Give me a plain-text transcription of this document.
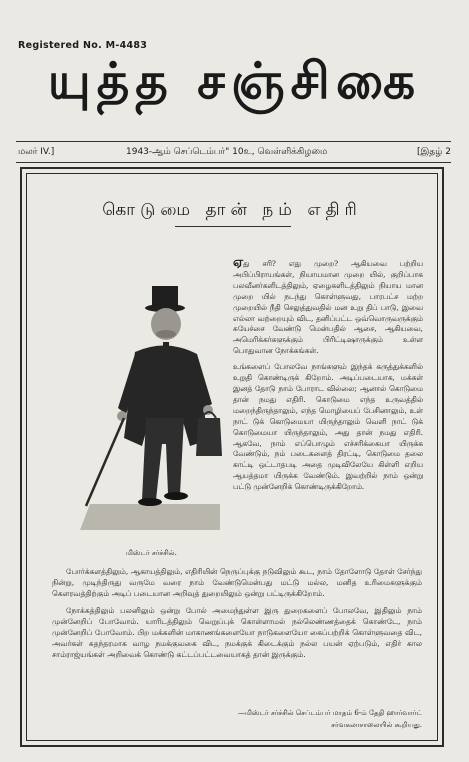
Registered No. M-4483
யுத்த சஞ்சிகை
மலர் IV.]	1943-ஆம் செப்டெம்பர்" 10உ, வெள்ளிக்கிழமை	[இதழ் 2
கொடுமை தான் நம் எதிரி
மிஸ்டர் சர்ச்சில்.

ஏது சரி? எது முறை? ஆகியவை பற்றிய அபிப்பிராயங்கள், நியாயமான முறை யில், குறிப்பாக பலவீனர்களிடத்திலும், ஏழைகளிடத்திலும் நியாய மான முறை யில் நடந்து கொள்ளுவது, பாரபட்ச மற்ற முறையில் நீதி செலுத்துவதில் மன உறு திப் பாடு, இவை எல்லா வற்றையும் விட, தனிப்பட்ட ஒவ்வொருவருக்கும் சுயேச்சை வேண்டு மென்பதில் ஆசை, ஆகியவை, அமெரிக்கர்களுக்கும் பிரிட்டிஷாருக்கும் உள்ள பொதுவான நோக்கங்கள்.

உங்களைப் போலவே நாங்களும் இந்தக் கருத்துக்களில் உறுதி கொண்டிருக் கிறோம். அடிப்படையாக, மக்கள் இனத் தோடு நாம் போராட வில்லை; ஆனால் கொடுமை தான் நமது எதிரி. கொடுமை எந்த உருவத்தில் மறைந்திருந்தாலும், எந்த மொழியைப் பேசினாலும், உள் நாட் டுக் கொடுமையா யிருந்தாலும் வெளி நாட் டுக் கொடுமையா யிருந்தாலும், அது தான் நமது எதிரி. ஆகவே, நாம் எப்பொழும் எச்சரிக்கையா யிருக்க வேண்டும், நம் படைகளைத் திரட்டி, கொடுமை தலை காட்டி ஒட்டாதபடி அதை முடிவிலேயே கிள்ளி எறிய ஆயத்தமா யிருக்க வேண்டும். இவற்றில் நாம் ஒன்று பட்டு முன்னேறிக் கொண்டிருக்கிறோம்.

போர்க்களத்திலும், ஆகாயத்திலும், எதிரியின் நெருப்புக்கு நடுவிலும் கூட, நாம் தோளோடு தோள் சேர்ந்து நின்று, முடிந்திருது வருமே வரை நாம் வேண்டுமென்பது மட்டு மல்ல, மனித உரிமைகளுக்கும் கௌரவத்திற்கும் அடிப் படையான அறிவுத் துறையிலும் ஒன்று பட்டிருக்கிறோம்.

நோக்கத்திலும் பலனிலும் ஒன்று போல் அமைந்துள்ள இரு துறைகளைப் போலவே, இதிலும் நாம் முன்னேறிப் போவோம். யாரிடத்திலும் வெறுப்புக் கொள்ளாமல் நல்லெண்ணத்தைக் கொண்டே, நாம் முன்னேறிப் போவோம். பிற மக்களின் மாகாணங்களையோ நாடுகளையோ கைப்பற்றிக் கொள்ளுவதை விட, அவர்கள் சுதந்தரமாக வாழ நமக்குவகை விட, நமக்குக் கிடைக்கும் நல்ல பயன் ஏற்படும், எதிர் கால சாம்ராஜ்யங்கள் அறிவைக் கொண்டு கட்டப்பட்டவையாகத் தான் இருக்கும்.

—மிஸ்டர் சர்ச்சில் செப்டம்பர் மாதம் 6-ம் தேதி ஹார்வார்ட் சர்வகலாசாலையில் கூறியது.
